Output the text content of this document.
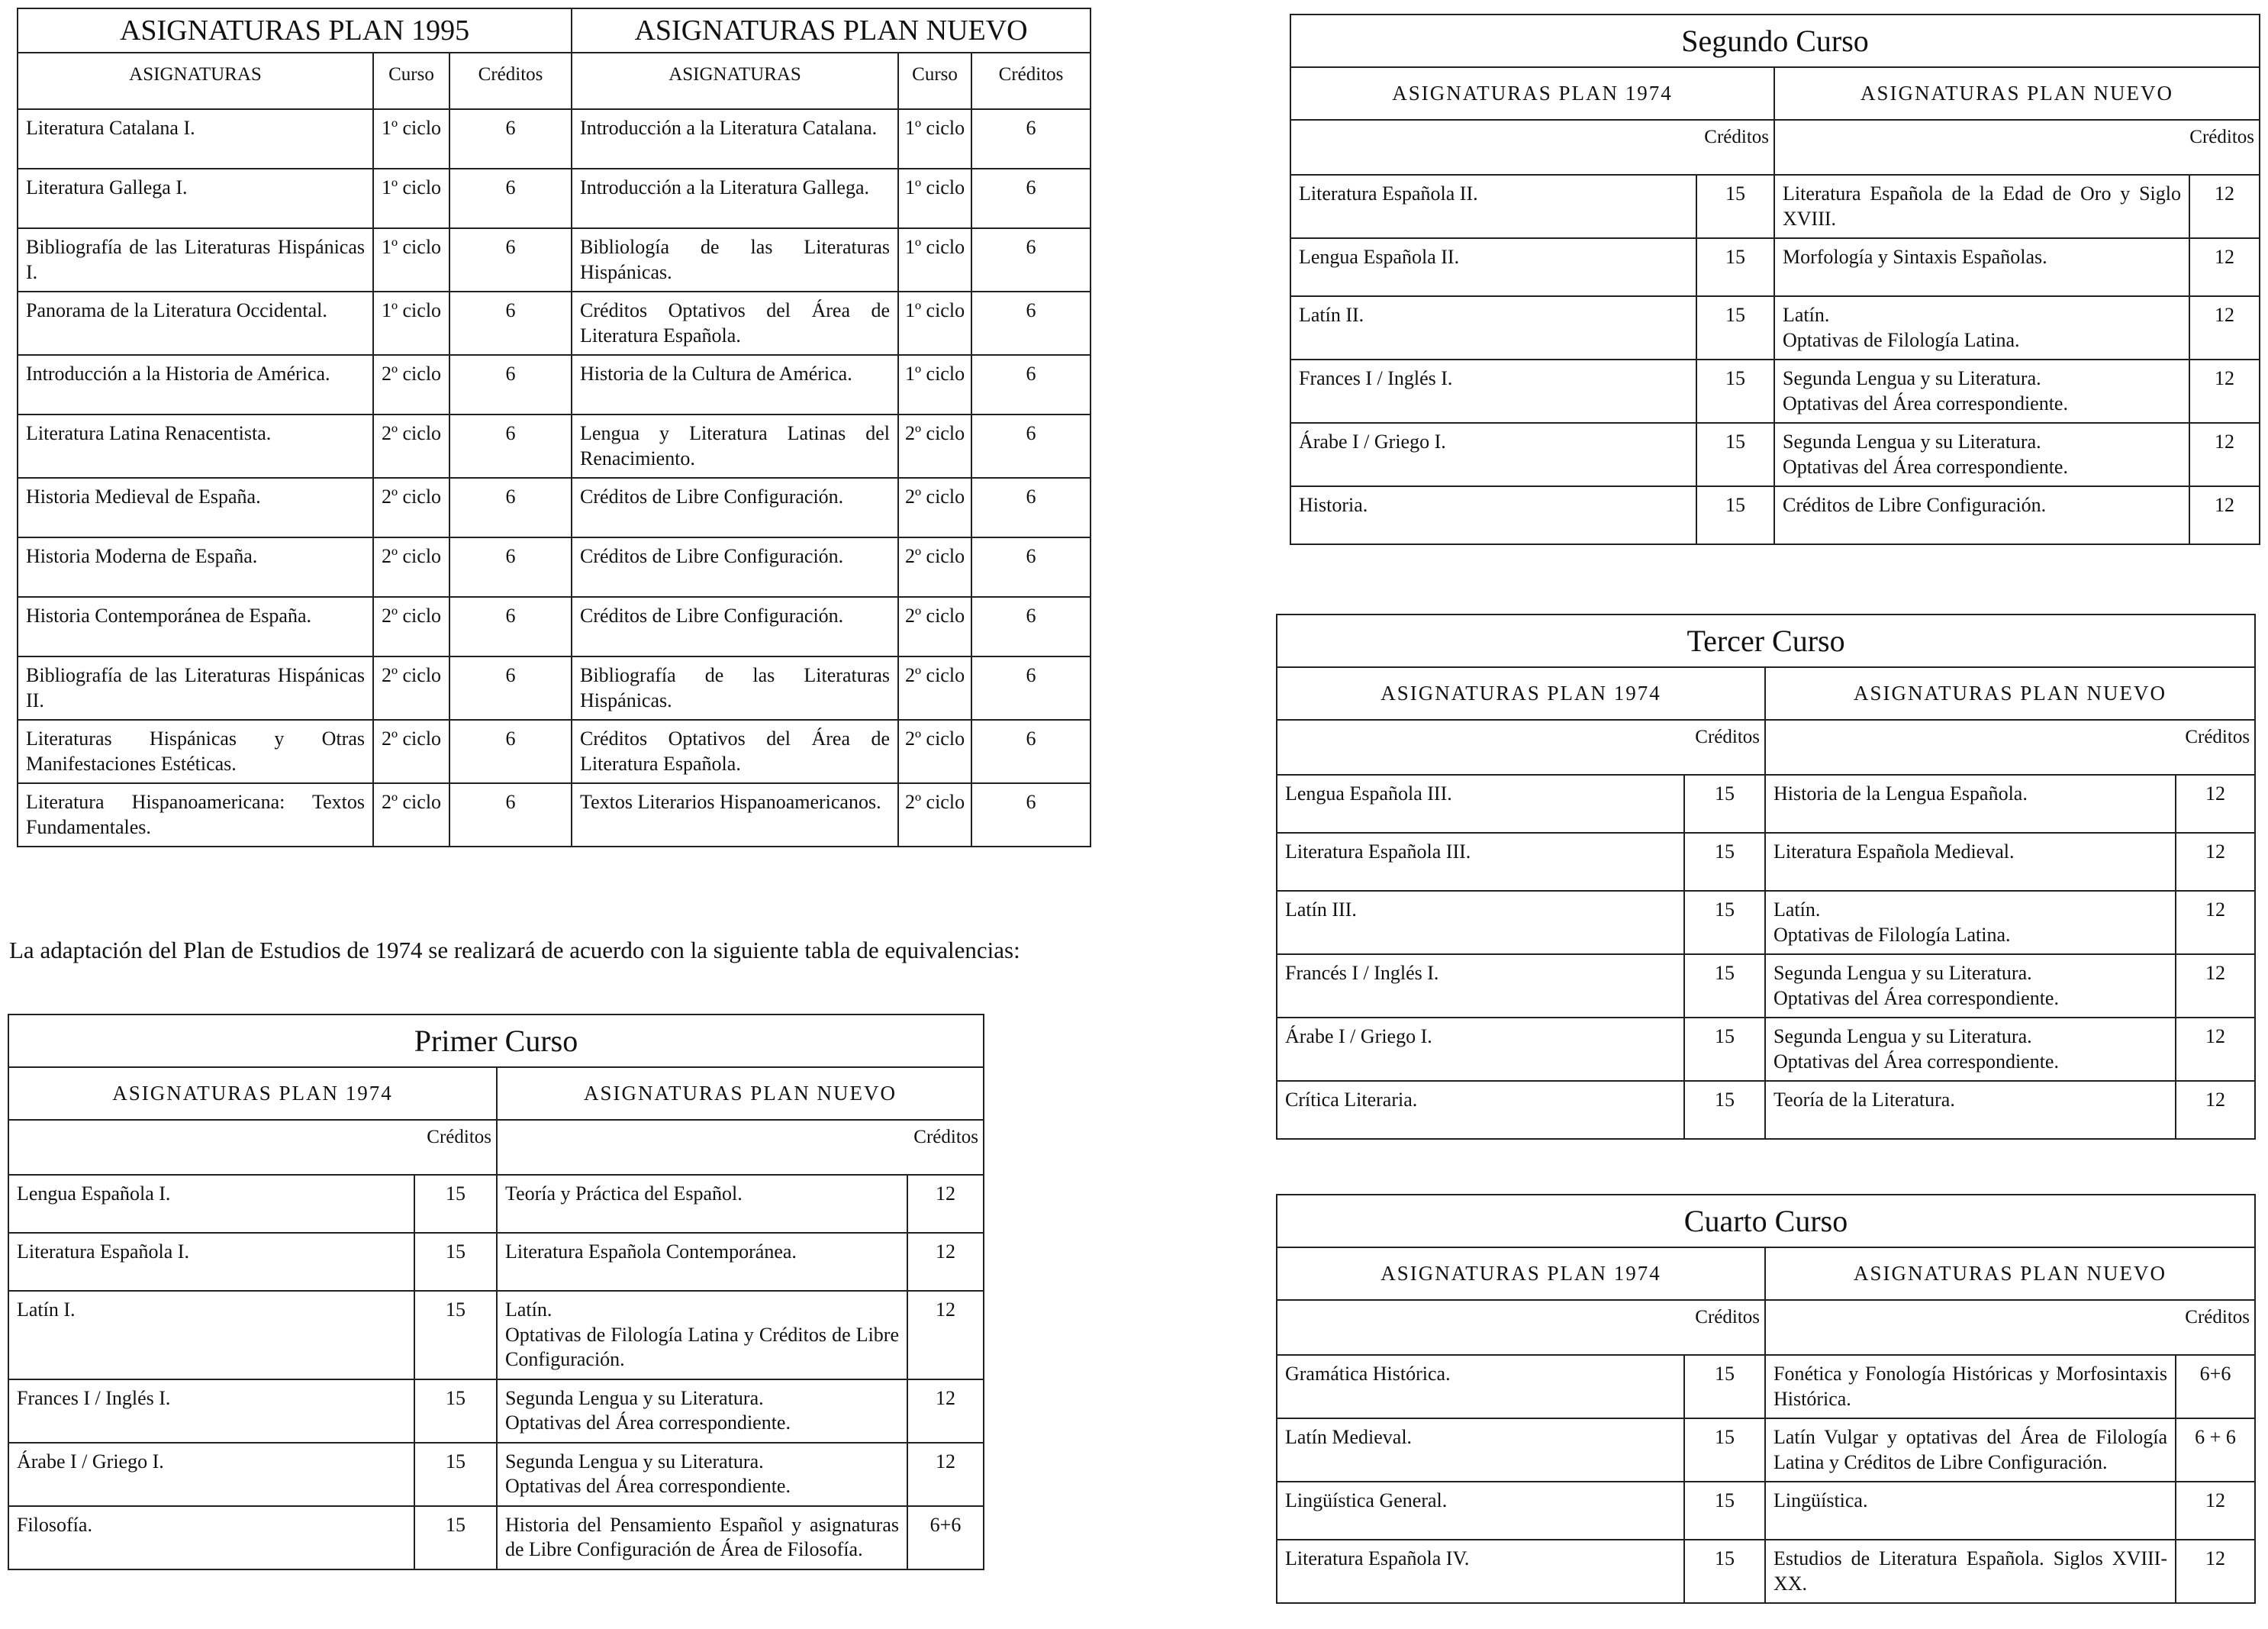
ASIGNATURAS PLAN 1995			ASIGNATURAS PLAN NUEVO		
ASIGNATURAS	Curso	Créditos	ASIGNATURAS	Curso	Créditos
Literatura Catalana I.	1º ciclo	6	Introducción a la Literatura Catalana.	1º ciclo	6
Literatura Gallega I.	1º ciclo	6	Introducción a la Literatura Gallega.	1º ciclo	6
Bibliografía de las Literaturas Hispánicas I.	1º ciclo	6	Bibliología de las Literaturas Hispánicas.	1º ciclo	6
Panorama de la Literatura Occidental.	1º ciclo	6	Créditos Optativos del Área de Literatura Española.	1º ciclo	6
Introducción a la Historia de América.	2º ciclo	6	Historia de la Cultura de América.	1º ciclo	6
Literatura Latina Renacentista.	2º ciclo	6	Lengua y Literatura Latinas del Renacimiento.	2º ciclo	6
Historia Medieval de España.	2º ciclo	6	Créditos de Libre Configuración.	2º ciclo	6
Historia Moderna de España.	2º ciclo	6	Créditos de Libre Configuración.	2º ciclo	6
Historia Contemporánea de España.	2º ciclo	6	Créditos de Libre Configuración.	2º ciclo	6
Bibliografía de las Literaturas Hispánicas II.	2º ciclo	6	Bibliografía de las Literaturas Hispánicas.	2º ciclo	6
Literaturas Hispánicas y Otras Manifestaciones Estéticas.	2º ciclo	6	Créditos Optativos del Área de Literatura Española.	2º ciclo	6
Literatura Hispanoamericana: Textos Fundamentales.	2º ciclo	6	Textos Literarios Hispanoamericanos.	2º ciclo	6

La adaptación del Plan de Estudios de 1974 se realizará de acuerdo con la siguiente tabla de equivalencias:

Primer Curso			
ASIGNATURAS PLAN 1974		ASIGNATURAS PLAN NUEVO	
Créditos		Créditos	
Lengua Española I.	15	Teoría y Práctica del Español.	12
Literatura Española I.	15	Literatura Española Contemporánea.	12
Latín I.	15	Latín.
Optativas de Filología Latina y Créditos de Libre Configuración.	12
Frances I / Inglés I.	15	Segunda Lengua y su Literatura.
Optativas del Área correspondiente.	12
Árabe I / Griego I.	15	Segunda Lengua y su Literatura.
Optativas del Área correspondiente.	12
Filosofía.	15	Historia del Pensamiento Español y asignaturas de Libre Configuración de Área de Filosofía.	6+6
Segundo Curso			
ASIGNATURAS PLAN 1974		ASIGNATURAS PLAN NUEVO	
Créditos		Créditos	
Literatura Española II.	15	Literatura Española de la Edad de Oro y Siglo XVIII.	12
Lengua Española II.	15	Morfología y Sintaxis Españolas.	12
Latín II.	15	Latín.
Optativas de Filología Latina.	12
Frances I / Inglés I.	15	Segunda Lengua y su Literatura.
Optativas del Área correspondiente.	12
Árabe I / Griego I.	15	Segunda Lengua y su Literatura.
Optativas del Área correspondiente.	12
Historia.	15	Créditos de Libre Configuración.	12
Tercer Curso			
ASIGNATURAS PLAN 1974		ASIGNATURAS PLAN NUEVO	
Créditos		Créditos	
Lengua Española III.	15	Historia de la Lengua Española.	12
Literatura Española III.	15	Literatura Española Medieval.	12
Latín III.	15	Latín.
Optativas de Filología Latina.	12
Francés I / Inglés I.	15	Segunda Lengua y su Literatura.
Optativas del Área correspondiente.	12
Árabe I / Griego I.	15	Segunda Lengua y su Literatura.
Optativas del Área correspondiente.	12
Crítica Literaria.	15	Teoría de la Literatura.	12
Cuarto Curso			
ASIGNATURAS PLAN 1974		ASIGNATURAS PLAN NUEVO	
Créditos		Créditos	
Gramática Histórica.	15	Fonética y Fonología Históricas y Morfosintaxis Histórica.	6+6
Latín Medieval.	15	Latín Vulgar y optativas del Área de Filología Latina y Créditos de Libre Configuración.	6 + 6
Lingüística General.	15	Lingüística.	12
Literatura Española IV.	15	Estudios de Literatura Española. Siglos XVIII-XX.	12
